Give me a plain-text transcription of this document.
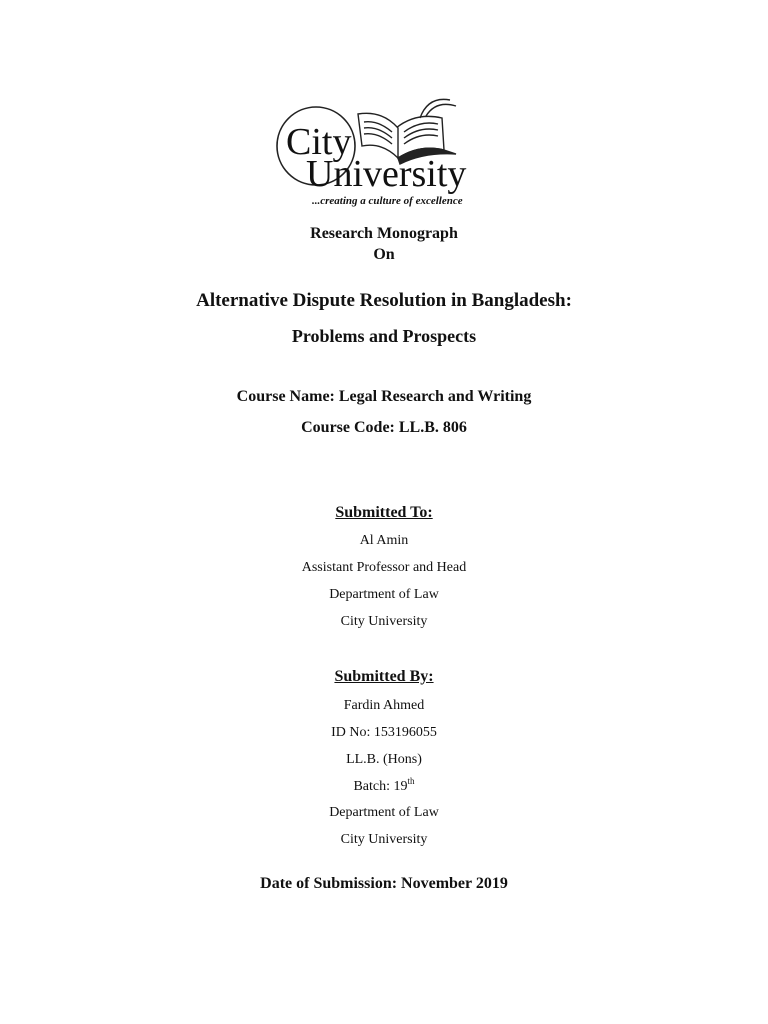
City
University
...creating a culture of excellence
Research Monograph
On
Alternative Dispute Resolution in Bangladesh:
Problems and Prospects
Course Name: Legal Research and Writing
Course Code: LL.B. 806
Submitted To:
Al Amin
Assistant Professor and Head
Department of Law
City University
Submitted By:
Fardin Ahmed
ID No: 153196055
LL.B. (Hons)
Batch: 19th
Department of Law
City University
Date of Submission: November 2019
